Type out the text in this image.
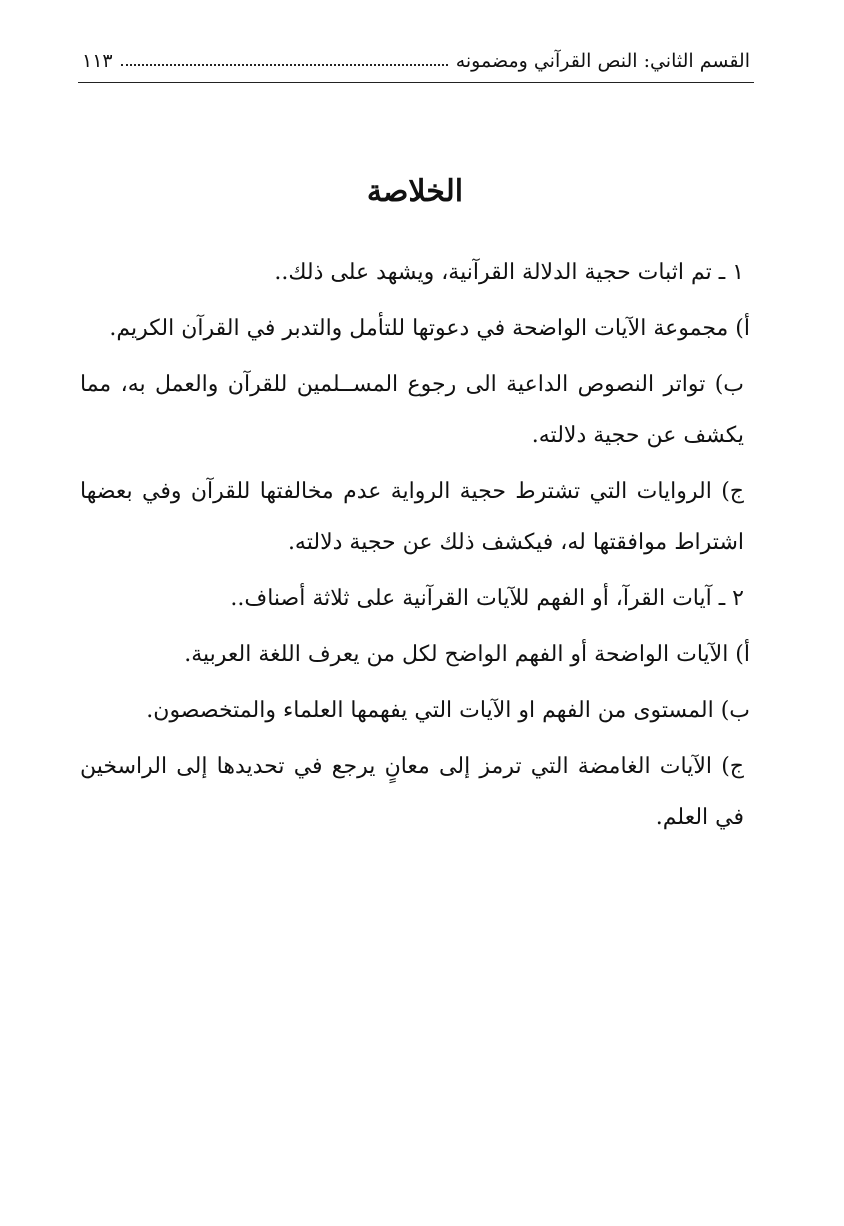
القسم الثاني: النص القرآني ومضمونه
١١٣
الخلاصة

١ ـ تم اثبات حجية الدلالة القرآنية، ويشهد على ذلك..

أ) مجموعة الآيات الواضحة في دعوتها للتأمل والتدبر في القرآن الكريم.

ب) تواتر النصوص الداعية الى رجوع المســلمين للقرآن والعمل به، مما يكشف عن حجية دلالته.

ج) الروايات التي تشترط حجية الرواية عدم مخالفتها للقرآن وفي بعضها اشتراط موافقتها له، فيكشف ذلك عن حجية دلالته.

٢ ـ آيات القرآ، أو الفهم للآيات القرآنية على ثلاثة أصناف..

أ) الآيات الواضحة أو الفهم الواضح لكل من يعرف اللغة العربية.

ب) المستوى من الفهم او الآيات التي يفهمها العلماء والمتخصصون.

ج) الآيات الغامضة التي ترمز إلى معانٍ يرجع في تحديدها إلى الراسخين في العلم.
